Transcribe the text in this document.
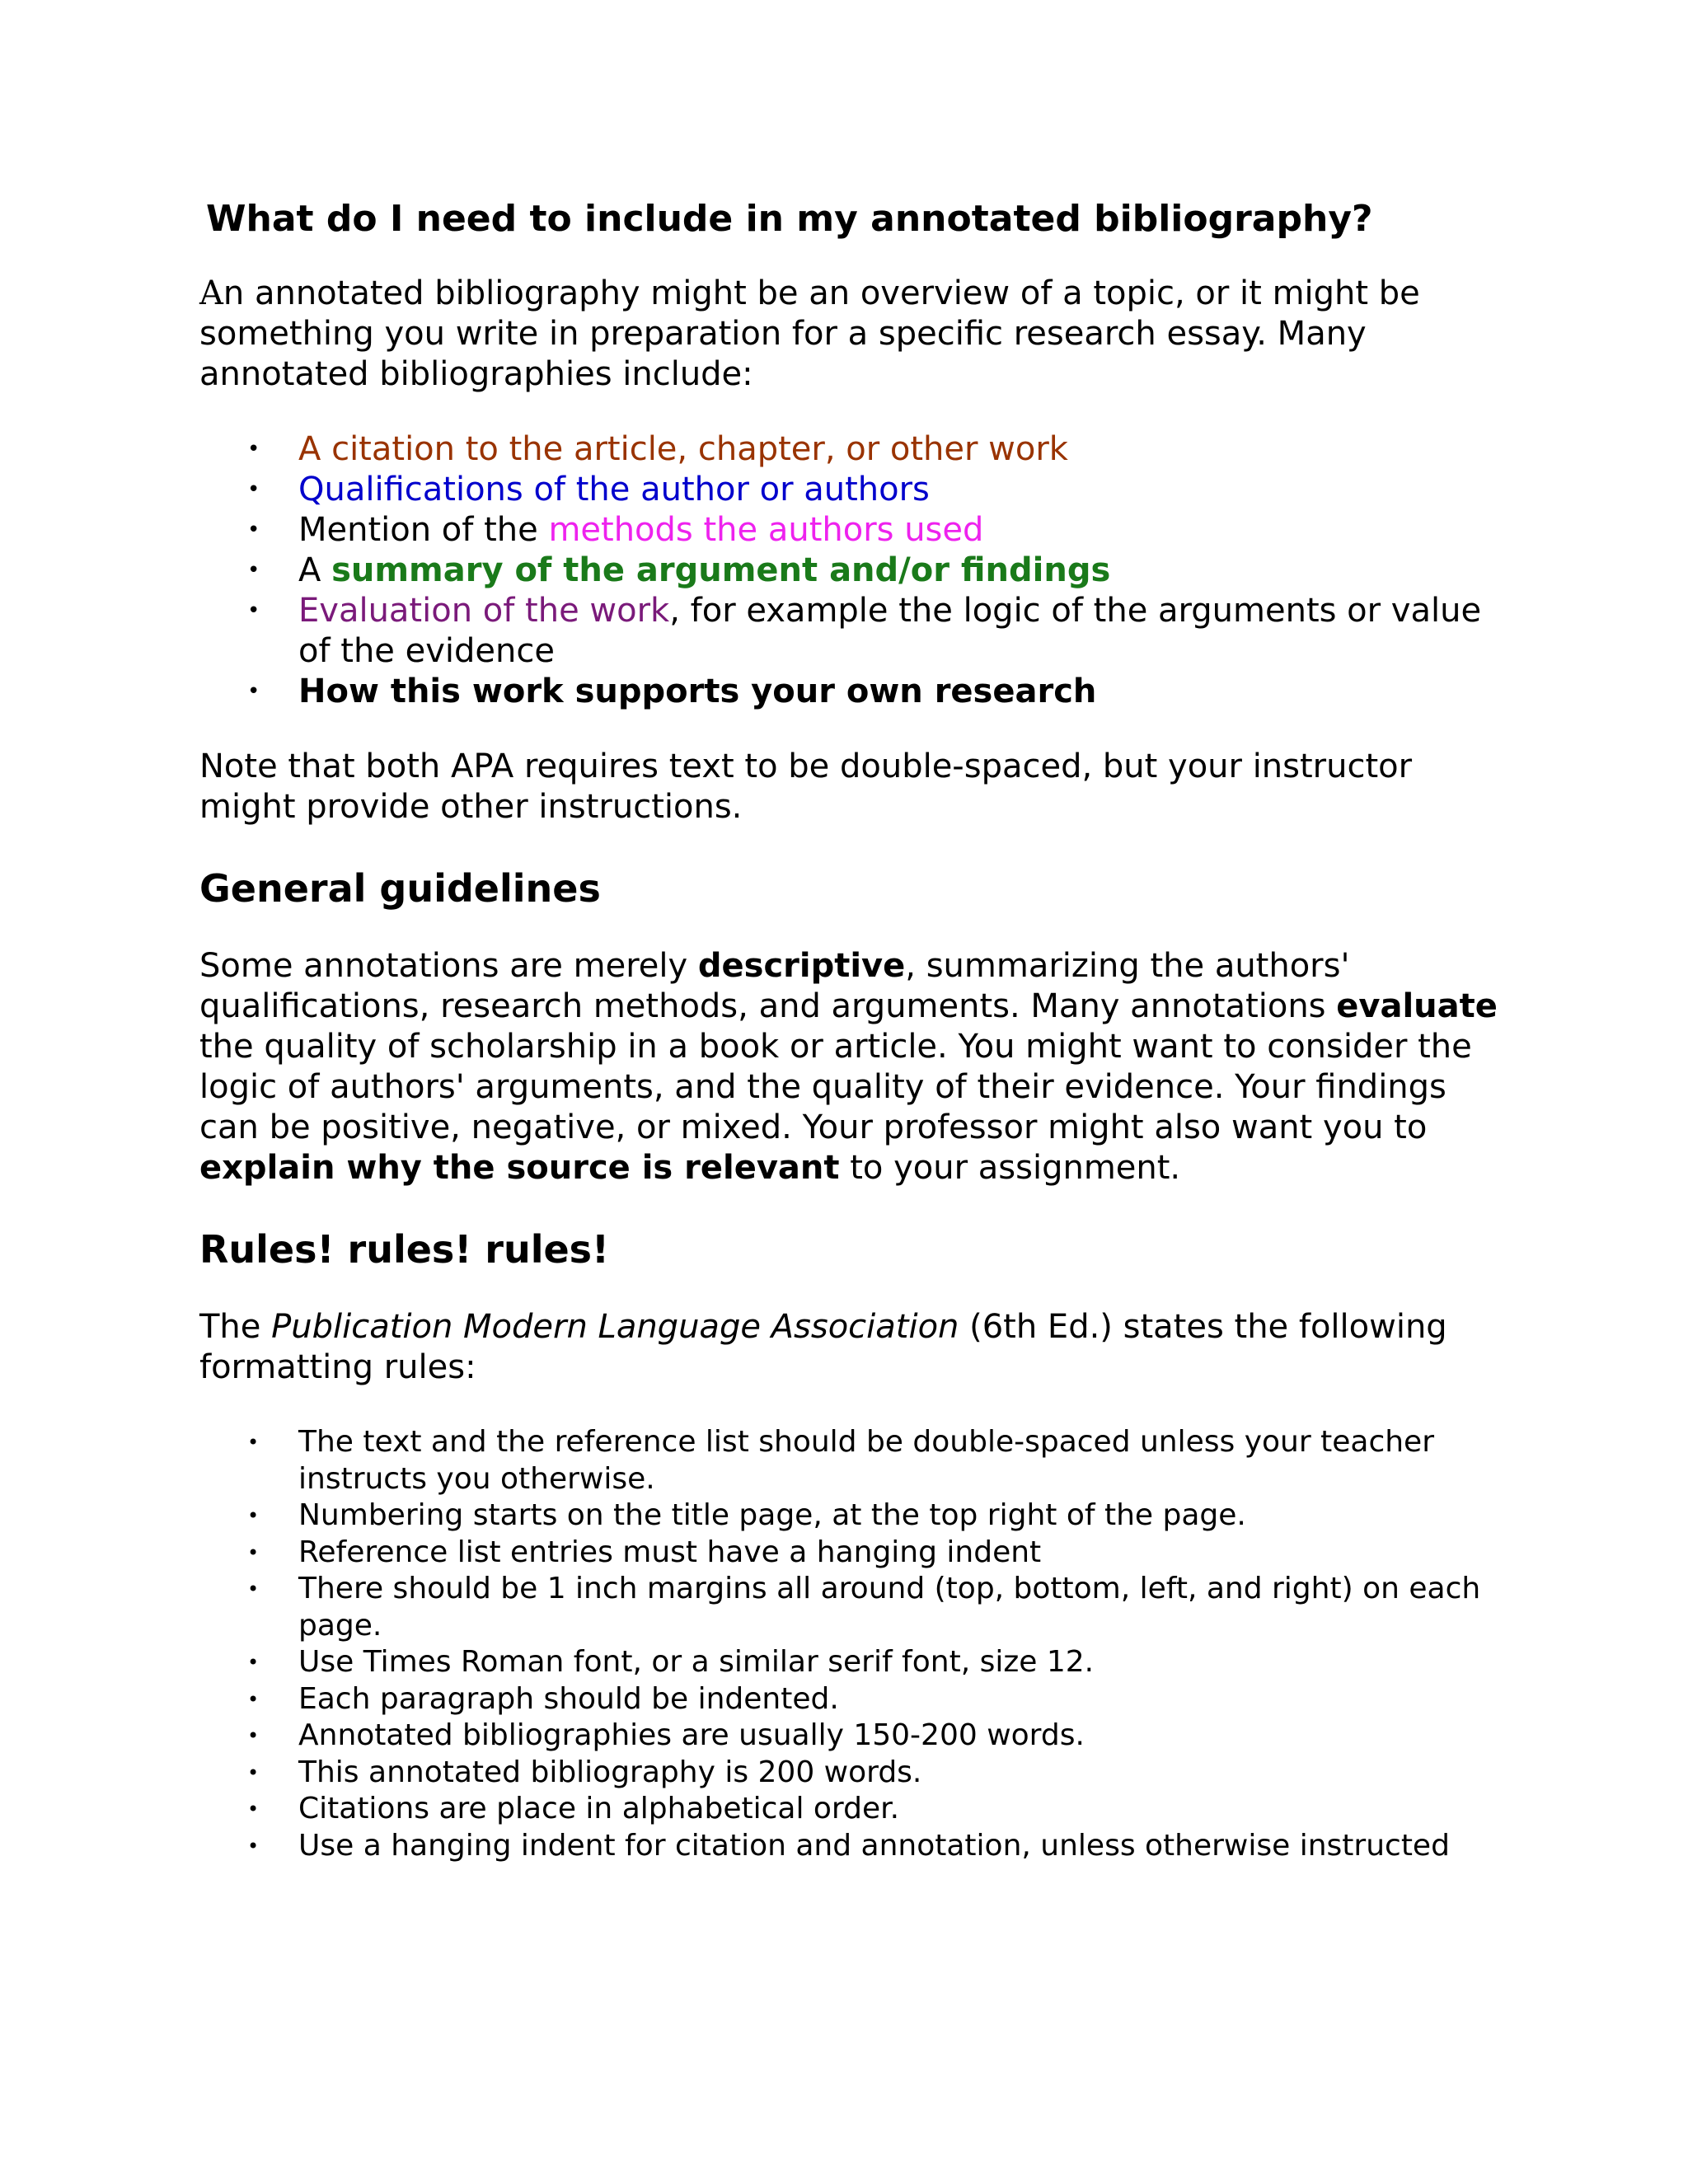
What do I need to include in my annotated bibliography?

An annotated bibliography might be an overview of a topic, or it might be something you write in preparation for a specific research essay. Many annotated bibliographies include:

• A citation to the article, chapter, or other work
• Qualifications of the author or authors
• Mention of the methods the authors used
• A summary of the argument and/or findings
• Evaluation of the work, for example the logic of the arguments or value of the evidence
• How this work supports your own research

Note that both APA requires text to be double-spaced, but your instructor might provide other instructions.

General guidelines

Some annotations are merely descriptive, summarizing the authors' qualifications, research methods, and arguments. Many annotations evaluate the quality of scholarship in a book or article. You might want to consider the logic of authors' arguments, and the quality of their evidence. Your findings can be positive, negative, or mixed. Your professor might also want you to explain why the source is relevant to your assignment.

Rules! rules! rules!

The Publication Modern Language Association (6th Ed.) states the following formatting rules:

• The text and the reference list should be double-spaced unless your teacher instructs you otherwise.
• Numbering starts on the title page, at the top right of the page.
• Reference list entries must have a hanging indent
• There should be 1 inch margins all around (top, bottom, left, and right) on each page.
• Use Times Roman font, or a similar serif font, size 12.
• Each paragraph should be indented.
• Annotated bibliographies are usually 150-200 words.
• This annotated bibliography is 200 words.
• Citations are place in alphabetical order.
• Use a hanging indent for citation and annotation, unless otherwise instructed
